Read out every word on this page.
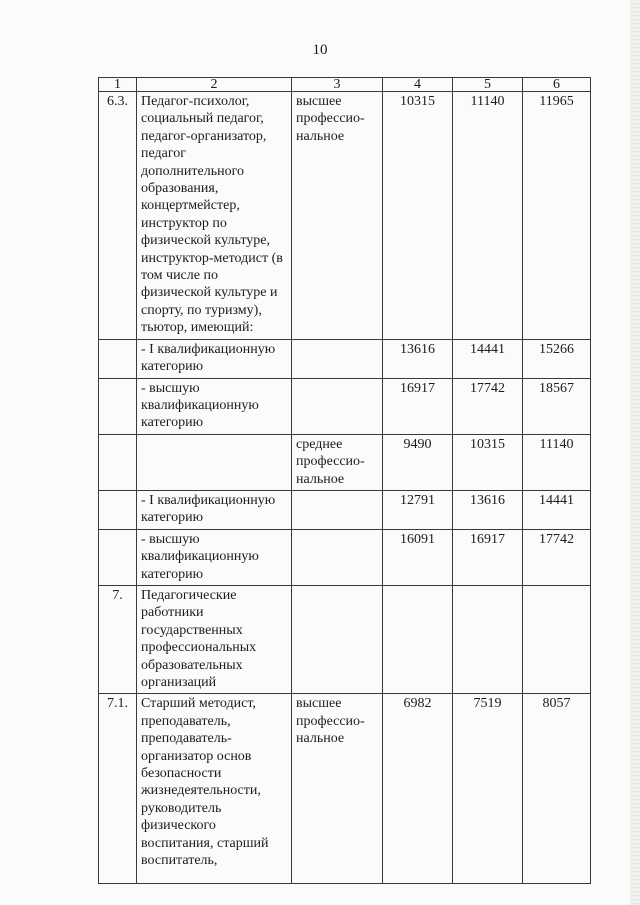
10
1	2	3	4	5	6
6.3.	Педагог-психолог, социальный педагог, педагог-организатор, педагог дополнительного образования, концертмейстер, инструктор по физической культуре, инструктор-методист (в том числе по физической культуре и спорту, по туризму), тьютор, имеющий:	высшее профессио-нальное	10315	11140	11965
	- I квалификационную категорию		13616	14441	15266
	- высшую квалификационную категорию		16917	17742	18567
		среднее профессио-нальное	9490	10315	11140
	- I квалификационную категорию		12791	13616	14441
	- высшую квалификационную категорию		16091	16917	17742
7.	Педагогические работники государственных профессиональных образовательных организаций				
7.1.	Старший методист, преподаватель, преподаватель-организатор основ безопасности жизнедеятельности, руководитель физического воспитания, старший воспитатель,	высшее профессио-нальное	6982	7519	8057
